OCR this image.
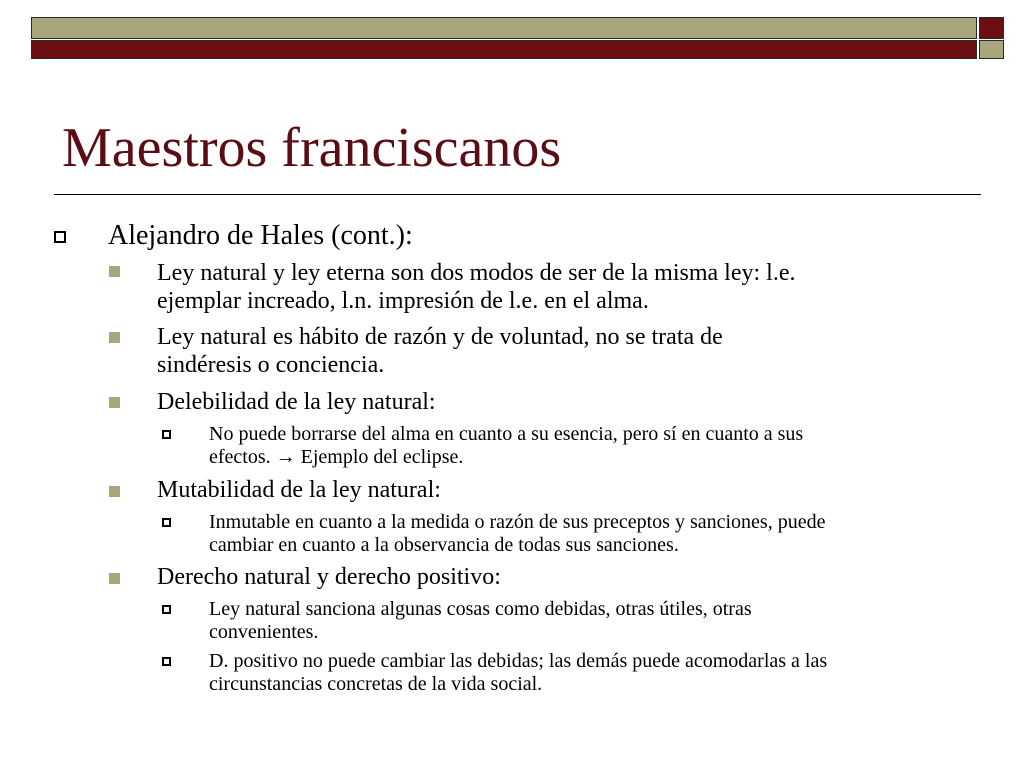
Maestros franciscanos
Alejandro de Hales (cont.):
Ley natural y ley eterna son dos modos de ser de la misma ley: l.e.
ejemplar increado, l.n. impresión de l.e. en el alma.
Ley natural es hábito de razón y de voluntad, no se trata de
sindéresis o conciencia.
Delebilidad de la ley natural:
No puede borrarse del alma en cuanto a su esencia, pero sí en cuanto a sus
efectos. → Ejemplo del eclipse.
Mutabilidad de la ley natural:
Inmutable en cuanto a la medida o razón de sus preceptos y sanciones, puede
cambiar en cuanto a la observancia de todas sus sanciones.
Derecho natural y derecho positivo:
Ley natural sanciona algunas cosas como debidas, otras útiles, otras
convenientes.
D. positivo no puede cambiar las debidas; las demás puede acomodarlas a las
circunstancias concretas de la vida social.
